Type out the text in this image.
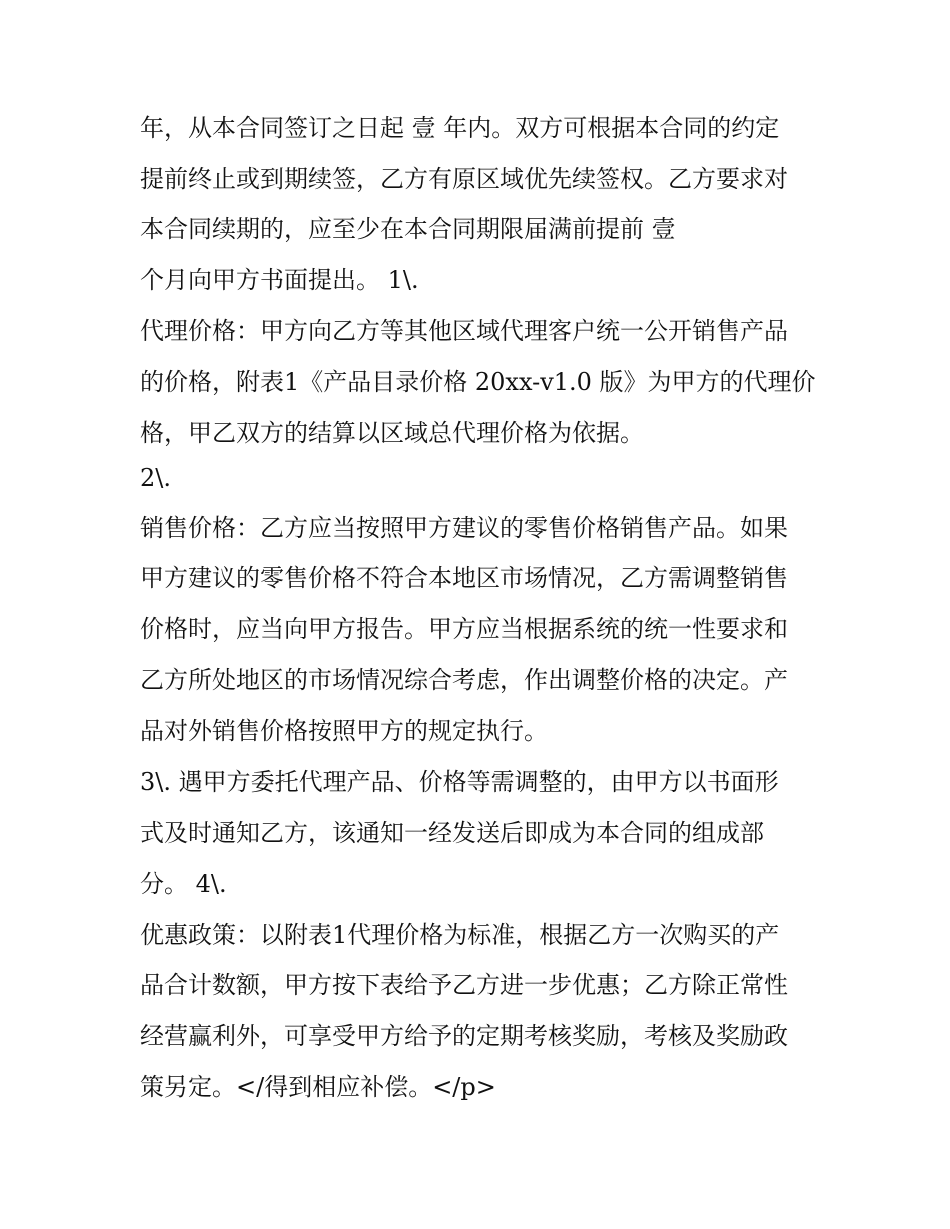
年，从本合同签订之日起 壹 年内。双方可根据本合同的约定
提前终止或到期续签，乙方有原区域优先续签权。乙方要求对
本合同续期的，应至少在本合同期限届满前提前 壹
个月向甲方书面提出。 1\.
代理价格：甲方向乙方等其他区域代理客户统一公开销售产品
的价格，附表1《产品目录价格 20xx-v1.0 版》为甲方的代理价
格，甲乙双方的结算以区域总代理价格为依据。
2\.
销售价格：乙方应当按照甲方建议的零售价格销售产品。如果
甲方建议的零售价格不符合本地区市场情况，乙方需调整销售
价格时，应当向甲方报告。甲方应当根据系统的统一性要求和
乙方所处地区的市场情况综合考虑，作出调整价格的决定。产
品对外销售价格按照甲方的规定执行。
3\. 遇甲方委托代理产品、价格等需调整的，由甲方以书面形
式及时通知乙方，该通知一经发送后即成为本合同的组成部
分。 4\.
优惠政策：以附表1代理价格为标准，根据乙方一次购买的产
品合计数额，甲方按下表给予乙方进一步优惠；乙方除正常性
经营赢利外，可享受甲方给予的定期考核奖励，考核及奖励政
策另定。</得到相应补偿。</p>
